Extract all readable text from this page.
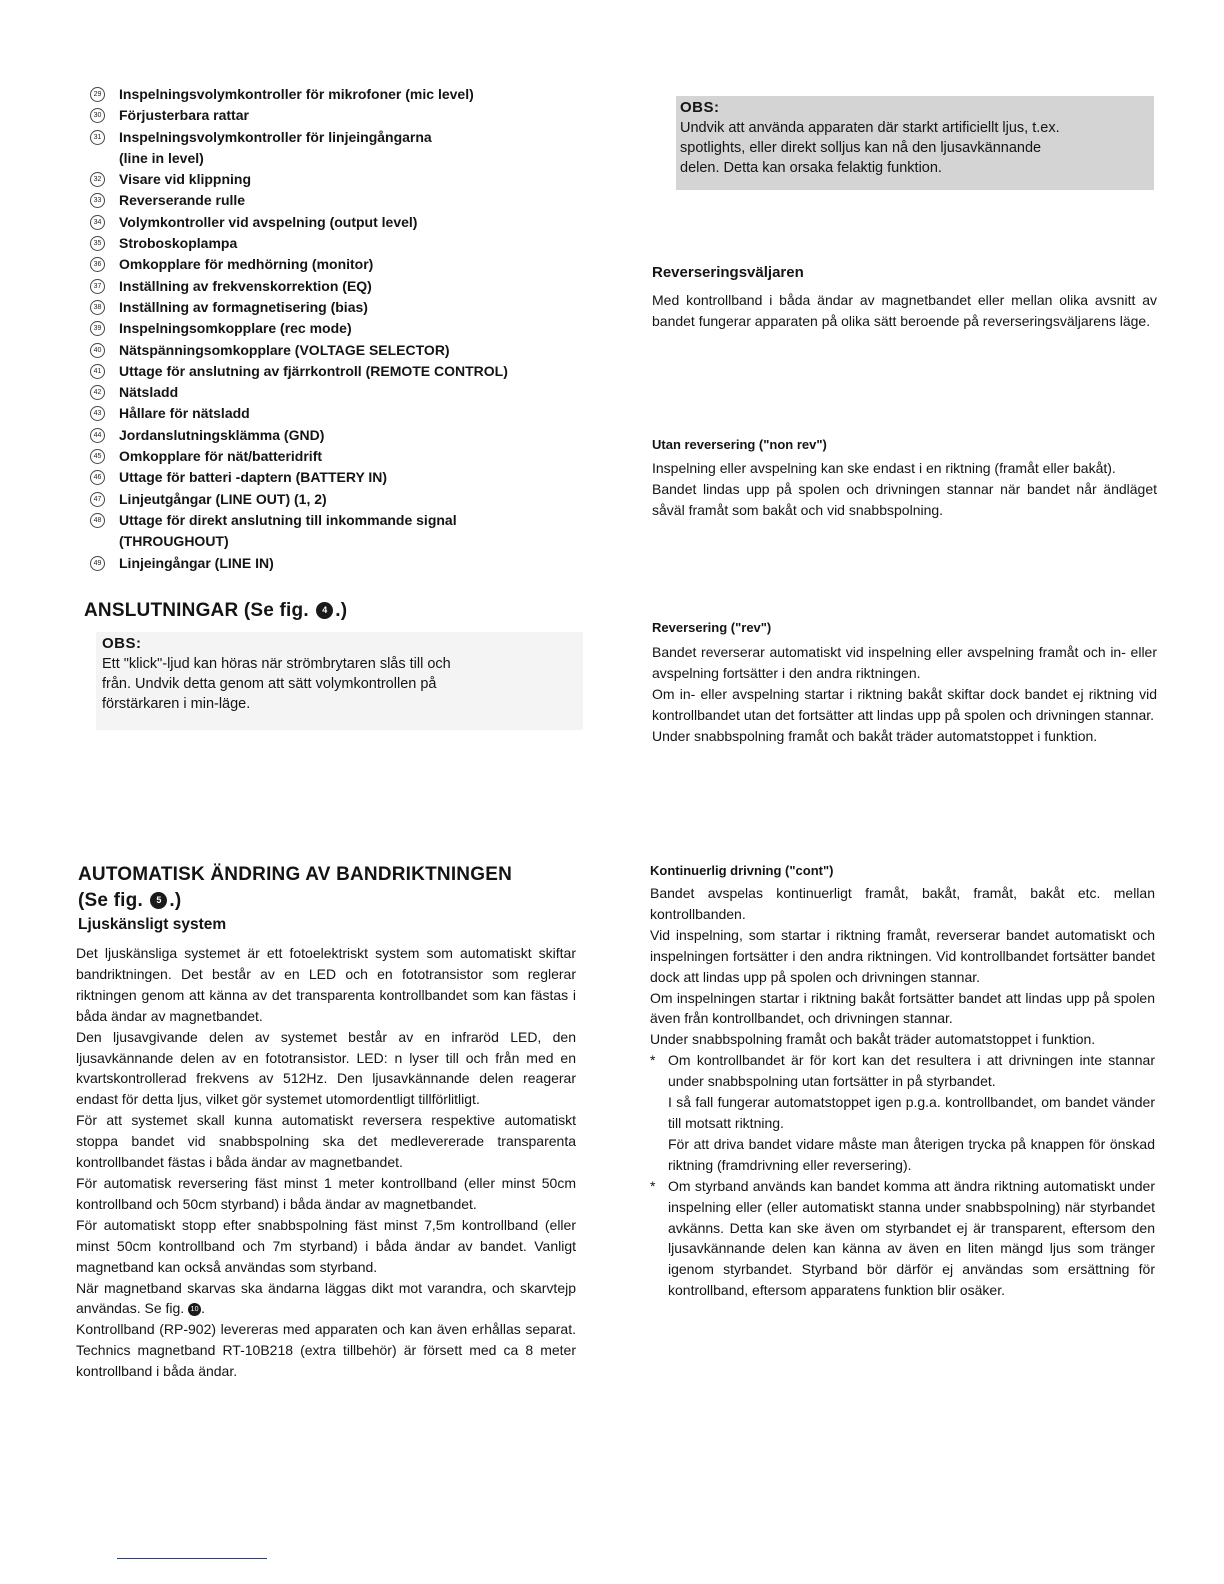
29 Inspelningsvolymkontroller för mikrofoner (mic level)
30 Förjusterbara rattar
31 Inspelningsvolymkontroller för linjeingångarna
(line in level)
32 Visare vid klippning
33 Reverserande rulle
34 Volymkontroller vid avspelning (output level)
35 Stroboskoplampa
36 Omkopplare för medhörning (monitor)
37 Inställning av frekvenskorrektion (EQ)
38 Inställning av formagnetisering (bias)
39 Inspelningsomkopplare (rec mode)
40 Nätspänningsomkopplare (VOLTAGE SELECTOR)
41 Uttage för anslutning av fjärrkontroll (REMOTE CONTROL)
42 Nätsladd
43 Hållare för nätsladd
44 Jordanslutningsklämma (GND)
45 Omkopplare för nät/batteridrift
46 Uttage för batteri -daptern (BATTERY IN)
47 Linjeutgångar (LINE OUT) (1, 2)
48 Uttage för direkt anslutning till inkommande signal
(THROUGHOUT)
49 Linjeingångar (LINE IN)
ANSLUTNINGAR (Se fig. 4 .)
OBS:
Ett "klick"-ljud kan höras när strömbrytaren slås till och
från. Undvik detta genom att sätt volymkontrollen på
förstärkaren i min-läge.
AUTOMATISK ÄNDRING AV BANDRIKTNINGEN
(Se fig. 5 .)
Ljuskänsligt system

Det ljuskänsliga systemet är ett fotoelektriskt system som automatiskt skiftar bandriktningen. Det består av en LED och en fototransistor som reglerar riktningen genom att känna av det transparenta kontrollbandet som kan fästas i båda ändar av magnetbandet.

Den ljusavgivande delen av systemet består av en infraröd LED, den ljusavkännande delen av en fototransistor. LED: n lyser till och från med en kvartskontrollerad frekvens av 512Hz. Den ljusavkännande delen reagerar endast för detta ljus, vilket gör systemet utomordentligt tillförlitligt.

För att systemet skall kunna automatiskt reversera respektive automatiskt stoppa bandet vid snabbspolning ska det medlevererade transparenta kontrollbandet fästas i båda ändar av magnetbandet.

För automatisk reversering fäst minst 1 meter kontrollband (eller minst 50cm kontrollband och 50cm styrband) i båda ändar av magnetbandet.

För automatiskt stopp efter snabbspolning fäst minst 7,5m kontrollband (eller minst 50cm kontrollband och 7m styrband) i båda ändar av bandet. Vanligt magnetband kan också användas som styrband.

När magnetband skarvas ska ändarna läggas dikt mot varandra, och skarvtejp användas. Se fig. 10 .

Kontrollband (RP-902) levereras med apparaten och kan även erhållas separat. Technics magnetband RT-10B218 (extra tillbehör) är försett med ca 8 meter kontrollband i båda ändar.

OBS:
Undvik att använda apparaten där starkt artificiellt ljus, t.ex.
spotlights, eller direkt solljus kan nå den ljusavkännande
delen. Detta kan orsaka felaktig funktion.
Reverseringsväljaren

Med kontrollband i båda ändar av magnetbandet eller mellan olika avsnitt av bandet fungerar apparaten på olika sätt beroende på reverseringsväljarens läge.

Utan reversering ("non rev")

Inspelning eller avspelning kan ske endast i en riktning (framåt eller bakåt).

Bandet lindas upp på spolen och drivningen stannar när bandet når ändläget såväl framåt som bakåt och vid snabbspolning.

Reversering ("rev")

Bandet reverserar automatiskt vid inspelning eller avspelning framåt och in- eller avspelning fortsätter i den andra riktningen.

Om in- eller avspelning startar i riktning bakåt skiftar dock bandet ej riktning vid kontrollbandet utan det fortsätter att lindas upp på spolen och drivningen stannar.

Under snabbspolning framåt och bakåt träder automatstoppet i funktion.

Kontinuerlig drivning ("cont")

Bandet avspelas kontinuerligt framåt, bakåt, framåt, bakåt etc. mellan kontrollbanden.

Vid inspelning, som startar i riktning framåt, reverserar bandet automatiskt och inspelningen fortsätter i den andra riktningen. Vid kontrollbandet fortsätter bandet dock att lindas upp på spolen och drivningen stannar.

Om inspelningen startar i riktning bakåt fortsätter bandet att lindas upp på spolen även från kontrollbandet, och drivningen stannar.

Under snabbspolning framåt och bakåt träder automatstoppet i funktion.

* Om kontrollbandet är för kort kan det resultera i att drivningen inte stannar under snabbspolning utan fortsätter in på styrbandet.

I så fall fungerar automatstoppet igen p.g.a. kontrollbandet, om bandet vänder till motsatt riktning.

För att driva bandet vidare måste man återigen trycka på knappen för önskad riktning (framdrivning eller reversering).

* Om styrband används kan bandet komma att ändra riktning automatiskt under inspelning eller (eller automatiskt stanna under snabbspolning) när styrbandet avkänns. Detta kan ske även om styrbandet ej är transparent, eftersom den ljusavkännande delen kan känna av även en liten mängd ljus som tränger igenom styrbandet. Styrband bör därför ej användas som ersättning för kontrollband, eftersom apparatens funktion blir osäker.
